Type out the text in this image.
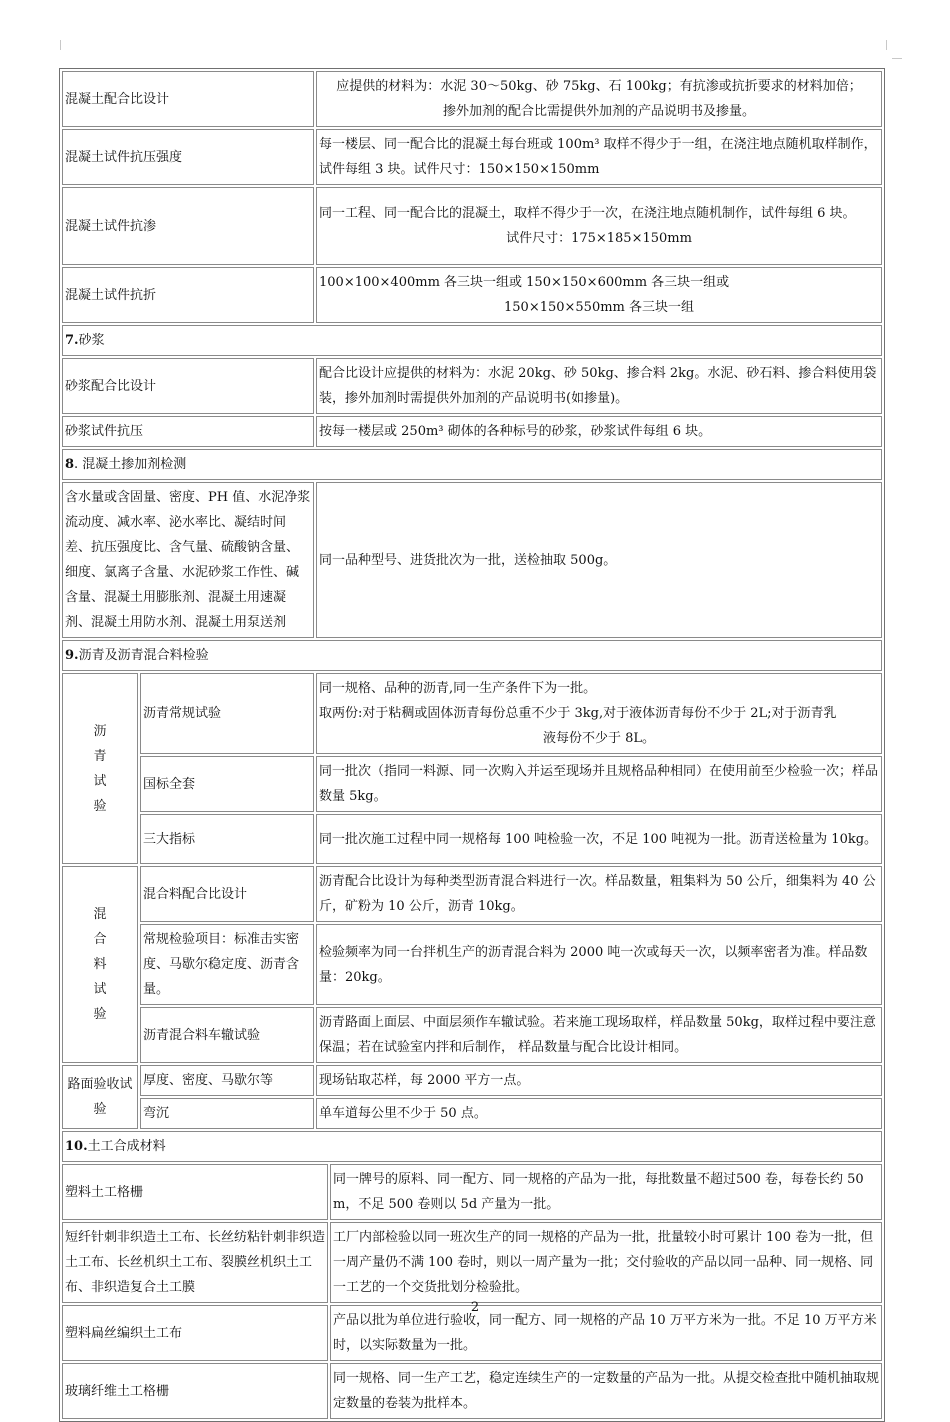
混凝土配合比设计		应提供的材料为：水泥 30～50kg、砂 75kg、石 100kg；有抗渗或抗折要求的材料加倍；
掺外加剂的配合比需提供外加剂的产品说明书及掺量。	

混凝土试件抗压强度		每一楼层、同一配合比的混凝土每台班或 100m³ 取样不得少于一组，在浇注地点随机取样制作，试件每组 3 块。试件尺寸：150×150×150mm	
混凝土试件抗渗		同一工程、同一配合比的混凝土，取样不得少于一次，在浇注地点随机制作，试件每组 6 块。
试件尺寸：175×185×150mm	

混凝土试件抗折		100×100×400mm 各三块一组或 150×150×600mm 各三块一组或
150×150×550mm 各三块一组	

7.砂浆			
砂浆配合比设计		配合比设计应提供的材料为：水泥 20kg、砂 50kg、掺合料 2kg。水泥、砂石料、掺合料使用袋装，掺外加剂时需提供外加剂的产品说明书(如掺量)。	
砂浆试件抗压		按每一楼层或 250m³ 砌体的各种标号的砂浆，砂浆试件每组 6 块。	
8. 混凝土掺加剂检测			
含水量或含固量、密度、PH 值、水泥净浆流动度、减水率、泌水率比、凝结时间差、抗压强度比、含气量、硫酸钠含量、细度、氯离子含量、水泥砂浆工作性、碱含量、混凝土用膨胀剂、混凝土用速凝剂、混凝土用防水剂、混凝土用泵送剂		同一品种型号、进货批次为一批，送检抽取 500g。	
9.沥青及沥青混合料检验			

沥
青
试
验	沥青常规试验	同一规格、品种的沥青,同一生产条件下为一批。
取两份:对于粘稠或固体沥青每份总重不少于 3kg,对于液体沥青每份不少于 2L;对于沥青乳
液每份不少于 8L。	

	国标全套	同一批次（指同一料源、同一次购入并运至现场并且规格品种相同）在使用前至少检验一次；样品数量 5kg。	
	三大指标	同一批次施工过程中同一规格每 100 吨检验一次，不足 100 吨视为一批。沥青送检量为 10kg。	

混
合
料
试
验	混合料配合比设计	沥青配合比设计为每种类型沥青混合料进行一次。样品数量，粗集料为 50 公斤，细集料为 40 公斤，矿粉为 10 公斤，沥青 10kg。	
	常规检验项目：标准击实密度、马歇尔稳定度、沥青含量。	检验频率为同一台拌机生产的沥青混合料为 2000 吨一次或每天一次，以频率密者为准。样品数量：20kg。	
	沥青混合料车辙试验	沥青路面上面层、中面层须作车辙试验。若来施工现场取样，样品数量 50kg，取样过程中要注意保温；若在试验室内拌和后制作， 样品数量与配合比设计相同。	
路面验收试验	厚度、密度、马歇尔等	现场钻取芯样，每 2000 平方一点。	
	弯沉	单车道每公里不少于 50 点。	
10.土工合成材料			
塑料土工格栅			同一牌号的原料、同一配方、同一规格的产品为一批，每批数量不超过500 卷，每卷长约 50m，不足 500 卷则以 5d 产量为一批。
短纤针刺非织造土工布、长丝纺粘针刺非织造土工布、长丝机织土工布、裂膜丝机织土工布、非织造复合土工膜			工厂内部检验以同一班次生产的同一规格的产品为一批，批量较小时可累计 100 卷为一批，但一周产量仍不满 100 卷时，则以一周产量为一批；交付验收的产品以同一品种、同一规格、同一工艺的一个交货批划分检验批。
塑料扁丝编织土工布			产品以批为单位进行验收，同一配方、同一规格的产品 10 万平方米为一批。不足 10 万平方米时，以实际数量为一批。
玻璃纤维土工格栅			同一规格、同一生产工艺，稳定连续生产的一定数量的产品为一批。从提交检查批中随机抽取规定数量的卷装为批样本。
2
